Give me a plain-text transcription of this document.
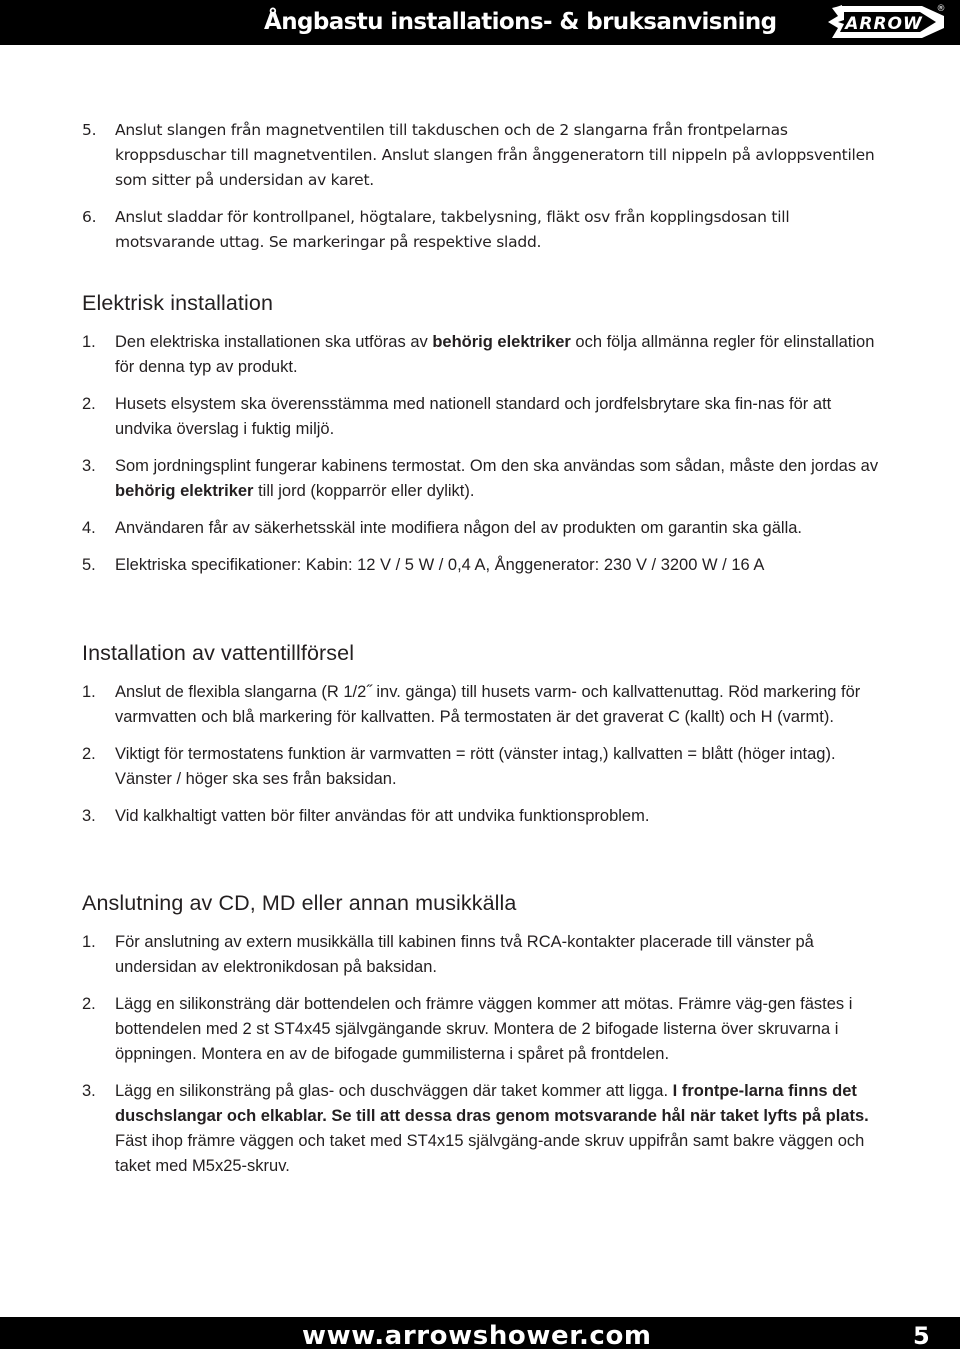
Ångbastu installations- & bruksanvisning	ARROW
®
5. Anslut slangen från magnetventilen till takduschen och de 2 slangarna från frontpelarnas kroppsduschar till magnetventilen. Anslut slangen från ånggeneratorn till nippeln på avloppsventilen som sitter på undersidan av karet.
6. Anslut sladdar för kontrollpanel, högtalare, takbelysning, fläkt osv från kopplingsdosan till motsvarande uttag. Se markeringar på respektive sladd.
Elektrisk installation
1. Den elektriska installationen ska utföras av behörig elektriker och följa allmänna regler för elinstallation för denna typ av produkt.
2. Husets elsystem ska överensstämma med nationell standard och jordfelsbrytare ska fin-nas för att undvika överslag i fuktig miljö.
3. Som jordningsplint fungerar kabinens termostat. Om den ska användas som sådan, måste den jordas av behörig elektriker till jord (kopparrör eller dylikt).
4. Användaren får av säkerhetsskäl inte modifiera någon del av produkten om garantin ska gälla.
5. Elektriska specifikationer: Kabin: 12 V / 5 W / 0,4 A, Ånggenerator: 230 V / 3200 W / 16 A
Installation av vattentillförsel
1. Anslut de flexibla slangarna (R 1/2˝ inv. gänga) till husets varm- och kallvattenuttag. Röd markering för varmvatten och blå markering för kallvatten. På termostaten är det graverat C (kallt) och H (varmt).
2. Viktigt för termostatens funktion är varmvatten = rött (vänster intag,) kallvatten = blått (höger intag). Vänster / höger ska ses från baksidan.
3. Vid kalkhaltigt vatten bör filter användas för att undvika funktionsproblem.
Anslutning av CD, MD eller annan musikkälla
1. För anslutning av extern musikkälla till kabinen finns två RCA-kontakter placerade till vänster på undersidan av elektronikdosan på baksidan.
2. Lägg en silikonsträng där bottendelen och främre väggen kommer att mötas. Främre väg-gen fästes i bottendelen med 2 st ST4x45 självgängande skruv. Montera de 2 bifogade listerna över skruvarna i öppningen. Montera en av de bifogade gummilisterna i spåret på frontdelen.
3. Lägg en silikonsträng på glas- och duschväggen där taket kommer att ligga. I frontpe-larna finns det duschslangar och elkablar. Se till att dessa dras genom motsvarande hål när taket lyfts på plats. Fäst ihop främre väggen och taket med ST4x15 självgäng-ande skruv uppifrån samt bakre väggen och taket med M5x25-skruv.
www.arrowshower.com	5
